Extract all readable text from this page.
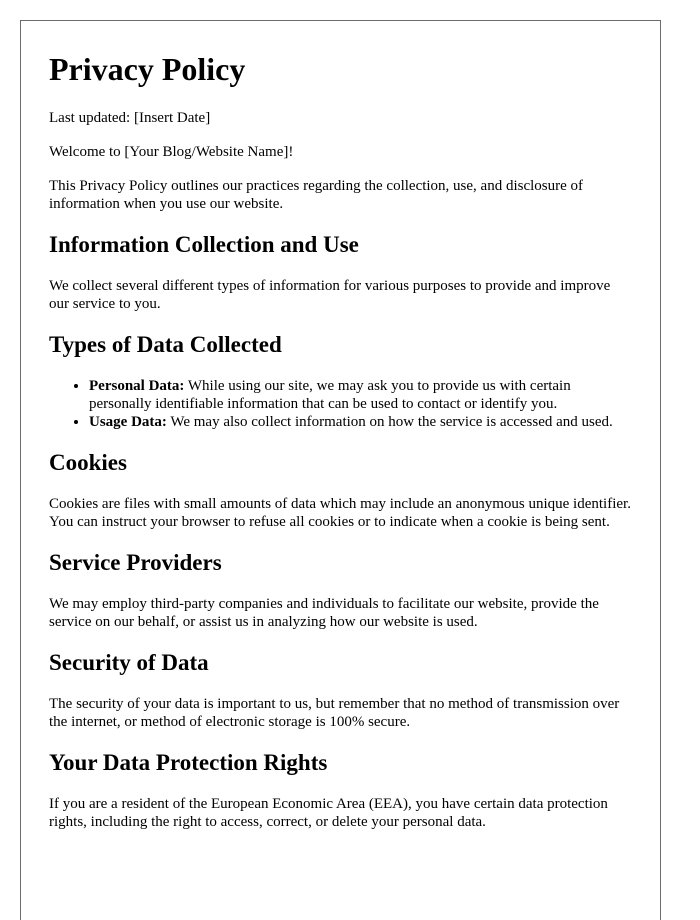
Privacy Policy

Last updated: [Insert Date]

Welcome to [Your Blog/Website Name]!

This Privacy Policy outlines our practices regarding the collection, use, and disclosure of information when you use our website.

Information Collection and Use

We collect several different types of information for various purposes to provide and improve our service to you.

Types of Data Collected
• Personal Data: While using our site, we may ask you to provide us with certain personally identifiable information that can be used to contact or identify you.
• Usage Data: We may also collect information on how the service is accessed and used.
Cookies

Cookies are files with small amounts of data which may include an anonymous unique identifier. You can instruct your browser to refuse all cookies or to indicate when a cookie is being sent.

Service Providers

We may employ third-party companies and individuals to facilitate our website, provide the service on our behalf, or assist us in analyzing how our website is used.

Security of Data

The security of your data is important to us, but remember that no method of transmission over the internet, or method of electronic storage is 100% secure.

Your Data Protection Rights

If you are a resident of the European Economic Area (EEA), you have certain data protection rights, including the right to access, correct, or delete your personal data.
